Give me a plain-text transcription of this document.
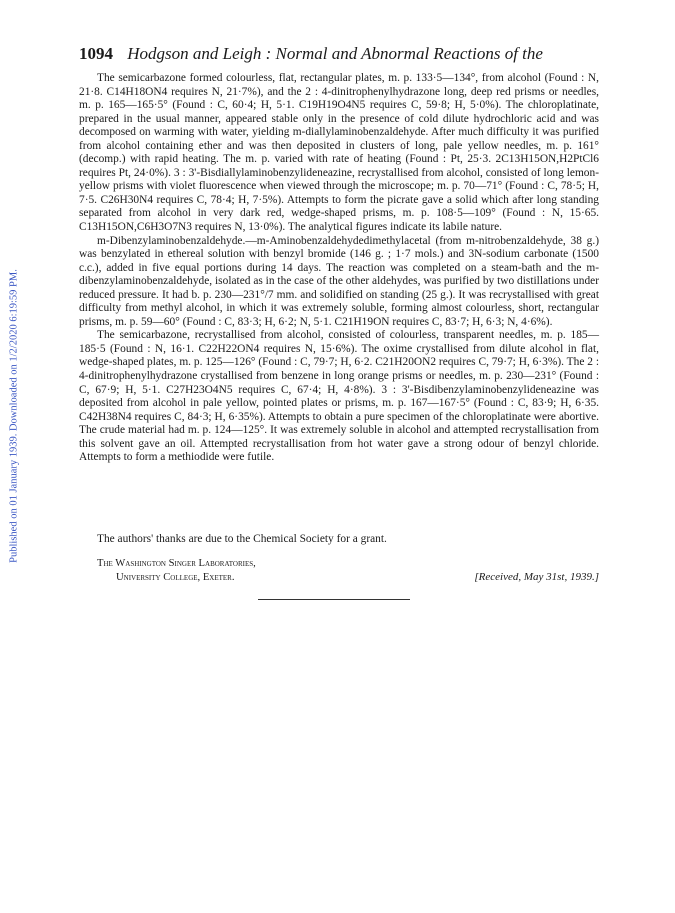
Published on 01 January 1939. Downloaded on 1/2/2020 6:19:59 PM.
1094 Hodgson and Leigh : Normal and Abnormal Reactions of the

The semicarbazone formed colourless, flat, rectangular plates, m. p. 133·5—134°, from alcohol (Found : N, 21·8. C14H18ON4 requires N, 21·7%), and the 2 : 4-dinitrophenylhydrazone long, deep red prisms or needles, m. p. 165—165·5° (Found : C, 60·4; H, 5·1. C19H19O4N5 requires C, 59·8; H, 5·0%). The chloroplatinate, prepared in the usual manner, appeared stable only in the presence of cold dilute hydrochloric acid and was decomposed on warming with water, yielding m-diallylaminobenzaldehyde. After much difficulty it was purified from alcohol containing ether and was then deposited in clusters of long, pale yellow needles, m. p. 161° (decomp.) with rapid heating. The m. p. varied with rate of heating (Found : Pt, 25·3. 2C13H15ON,H2PtCl6 requires Pt, 24·0%). 3 : 3'-Bisdiallylaminobenzylideneazine, recrystallised from alcohol, consisted of long lemon-yellow prisms with violet fluorescence when viewed through the microscope; m. p. 70—71° (Found : C, 78·5; H, 7·5. C26H30N4 requires C, 78·4; H, 7·5%). Attempts to form the picrate gave a solid which after long standing separated from alcohol in very dark red, wedge-shaped prisms, m. p. 108·5—109° (Found : N, 15·65. C13H15ON,C6H3O7N3 requires N, 13·0%). The analytical figures indicate its labile nature.

m-Dibenzylaminobenzaldehyde.—m-Aminobenzaldehydedimethylacetal (from m-nitrobenzaldehyde, 38 g.) was benzylated in ethereal solution with benzyl bromide (146 g. ; 1·7 mols.) and 3N-sodium carbonate (1500 c.c.), added in five equal portions during 14 days. The reaction was completed on a steam-bath and the m-dibenzylaminobenzaldehyde, isolated as in the case of the other aldehydes, was purified by two distillations under reduced pressure. It had b. p. 230—231°/7 mm. and solidified on standing (25 g.). It was recrystallised with great difficulty from methyl alcohol, in which it was extremely soluble, forming almost colourless, short, rectangular prisms, m. p. 59—60° (Found : C, 83·3; H, 6·2; N, 5·1. C21H19ON requires C, 83·7; H, 6·3; N, 4·6%).

The semicarbazone, recrystallised from alcohol, consisted of colourless, transparent needles, m. p. 185—185·5 (Found : N, 16·1. C22H22ON4 requires N, 15·6%). The oxime crystallised from dilute alcohol in flat, wedge-shaped plates, m. p. 125—126° (Found : C, 79·7; H, 6·2. C21H20ON2 requires C, 79·7; H, 6·3%). The 2 : 4-dinitrophenylhydrazone crystallised from benzene in long orange prisms or needles, m. p. 230—231° (Found : C, 67·9; H, 5·1. C27H23O4N5 requires C, 67·4; H, 4·8%). 3 : 3'-Bisdibenzylaminobenzylideneazine was deposited from alcohol in pale yellow, pointed plates or prisms, m. p. 167—167·5° (Found : C, 83·9; H, 6·35. C42H38N4 requires C, 84·3; H, 6·35%). Attempts to obtain a pure specimen of the chloroplatinate were abortive. The crude material had m. p. 124—125°. It was extremely soluble in alcohol and attempted recrystallisation from this solvent gave an oil. Attempted recrystallisation from hot water gave a strong odour of benzyl chloride. Attempts to form a methiodide were futile.

The authors' thanks are due to the Chemical Society for a grant.
The Washington Singer Laboratories,
University College, Exeter.	[Received, May 31st, 1939.]
